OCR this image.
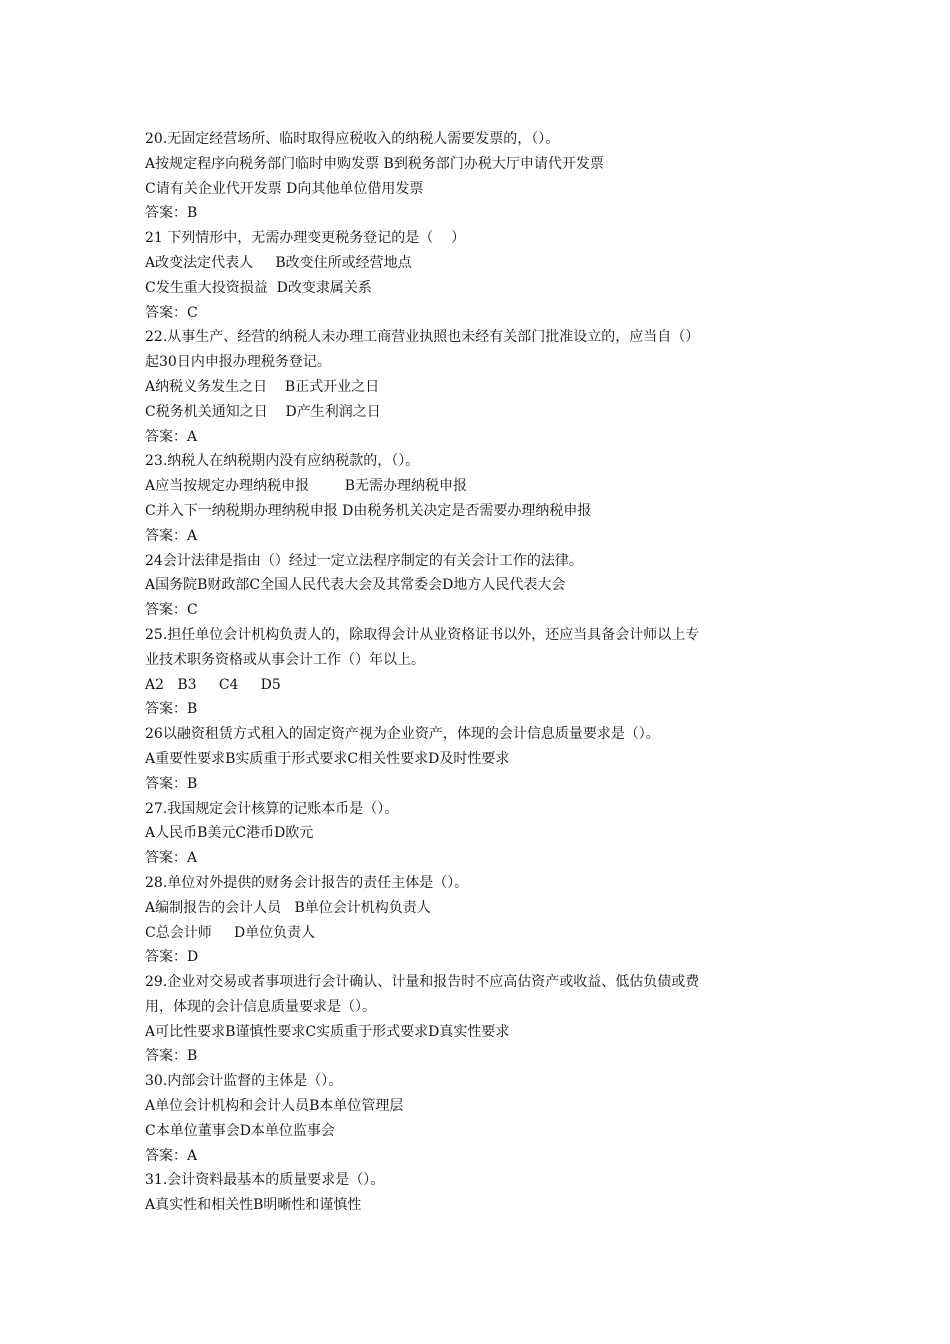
20.无固定经营场所、临时取得应税收入的纳税人需要发票的，（）。
A按规定程序向税务部门临时申购发票 B到税务部门办税大厅申请代开发票
C请有关企业代开发票 D向其他单位借用发票
答案：B
21 下列情形中，无需办理变更税务登记的是（    ）
A改变法定代表人     B改变住所或经营地点
C发生重大投资损益  D改变隶属关系
答案：C
22.从事生产、经营的纳税人未办理工商营业执照也未经有关部门批准设立的，应当自（）
起30日内申报办理税务登记。
A纳税义务发生之日    B正式开业之日
C税务机关通知之日    D产生利润之日
答案：A
23.纳税人在纳税期内没有应纳税款的，（）。
A应当按规定办理纳税申报        B无需办理纳税申报
C并入下一纳税期办理纳税申报 D由税务机关决定是否需要办理纳税申报
答案：A
24会计法律是指由（）经过一定立法程序制定的有关会计工作的法律。
A国务院B财政部C全国人民代表大会及其常委会D地方人民代表大会
答案：C
25.担任单位会计机构负责人的，除取得会计从业资格证书以外，还应当具备会计师以上专
业技术职务资格或从事会计工作（）年以上。
A2   B3     C4     D5
答案：B
26以融资租赁方式租入的固定资产视为企业资产，体现的会计信息质量要求是（）。
A重要性要求B实质重于形式要求C相关性要求D及时性要求
答案：B
27.我国规定会计核算的记账本币是（）。
A人民币B美元C港币D欧元
答案：A
28.单位对外提供的财务会计报告的责任主体是（）。
A编制报告的会计人员   B单位会计机构负责人
C总会计师     D单位负责人
答案：D
29.企业对交易或者事项进行会计确认、计量和报告时不应高估资产或收益、低估负债或费
用，体现的会计信息质量要求是（）。
A可比性要求B谨慎性要求C实质重于形式要求D真实性要求
答案：B
30.内部会计监督的主体是（）。
A单位会计机构和会计人员B本单位管理层
C本单位董事会D本单位监事会
答案：A
31.会计资料最基本的质量要求是（）。
A真实性和相关性B明晰性和谨慎性
